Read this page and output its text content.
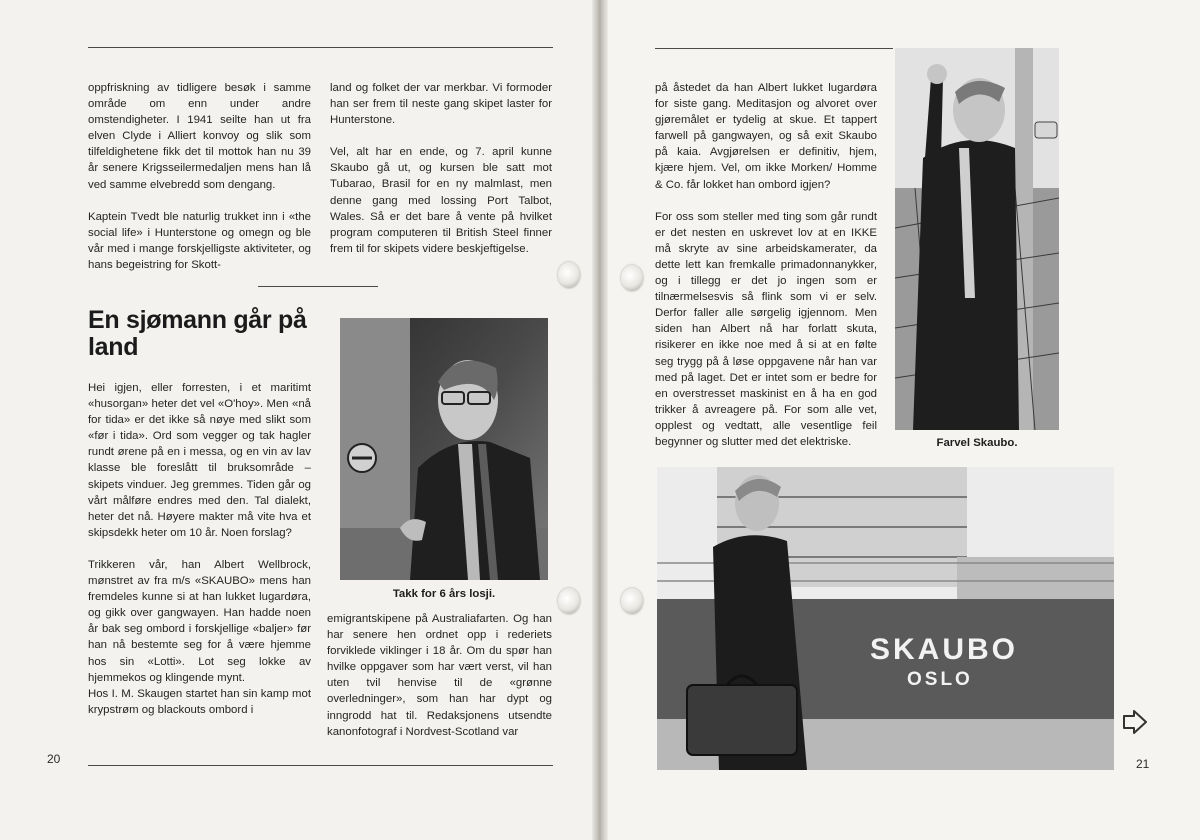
oppfriskning av tidligere besøk i samme område om enn under andre omstendigheter. I 1941 seilte han ut fra elven Clyde i Alliert konvoy og slik som tilfeldighetene fikk det til mottok han nu 39 år senere Krigsseilermedaljen mens han lå ved samme elvebredd som dengang.

Kaptein Tvedt ble naturlig trukket inn i «the social life» i Hunterstone og omegn og ble vår med i mange forskjelligste aktiviteter, og hans begeistring for Skott-

land og folket der var merkbar. Vi formoder han ser frem til neste gang skipet laster for Hunterstone.

Vel, alt har en ende, og 7. april kunne Skaubo gå ut, og kursen ble satt mot Tubarao, Brasil for en ny malmlast, men denne gang med lossing Port Talbot, Wales. Så er det bare å vente på hvilket program computeren til British Steel finner frem til for skipets videre beskjeftigelse.

En sjømann går på land

Hei igjen, eller forresten, i et maritimt «husorgan» heter det vel «O'hoy». Men «nå for tida» er det ikke så nøye med slikt som «før i tida». Ord som vegger og tak hagler rundt ørene på en i messa, og en vin av lav klasse ble foreslått til bruksområde – skipets vinduer. Jeg gremmes. Tiden går og vårt målføre endres med den. Tal dialekt, heter det nå. Høyere makter må vite hva et skipsdekk heter om 10 år. Noen forslag?

Trikkeren vår, han Albert Wellbrock, mønstret av fra m/s «SKAUBO» mens han fremdeles kunne si at han lukket lugardøra, og gikk over gangwayen. Han hadde noen år bak seg ombord i forskjellige «baljer» før han nå bestemte seg for å være hjemme hos sin «Lotti». Lot seg lokke av hjemmekos og klingende mynt.

Hos I. M. Skaugen startet han sin kamp mot krypstrøm og blackouts ombord i

emigrantskipene på Australiafarten. Og han har senere hen ordnet opp i rederiets forviklede viklinger i 18 år. Om du spør han hvilke oppgaver som har vært verst, vil han uten tvil henvise til de «grønne overledninger», som han har dypt og inngrodd hat til. Redaksjonens utsendte kanonfotograf i Nordvest-Scotland var

Takk for 6 års losji.
20

på åstedet da han Albert lukket lugardøra for siste gang. Meditasjon og alvoret over gjøremålet er tydelig at skue. Et tappert farwell på gangwayen, og så exit Skaubo på kaia. Avgjørelsen er definitiv, hjem, kjære hjem. Vel, om ikke Morken/ Homme & Co. får lokket han ombord igjen?

For oss som steller med ting som går rundt er det nesten en uskrevet lov at en IKKE må skryte av sine arbeidskamerater, da dette lett kan fremkalle primadonnanykker, og i tillegg er det jo ingen som er tilnærmelsesvis så flink som vi er selv. Derfor faller alle sørgelig igjennom. Men siden han Albert nå har forlatt skuta, risikerer en ikke noe med å si at en følte seg trygg på å løse oppgavene når han var med på laget. Det er intet som er bedre for en overstresset maskinist en å ha en god trikker å avreagere på. For som alle vet, opplest og vedtatt, alle vesentlige feil begynner og slutter med det elektriske.	Farvel Skaubo.
SKAUBO
OSLO
21
